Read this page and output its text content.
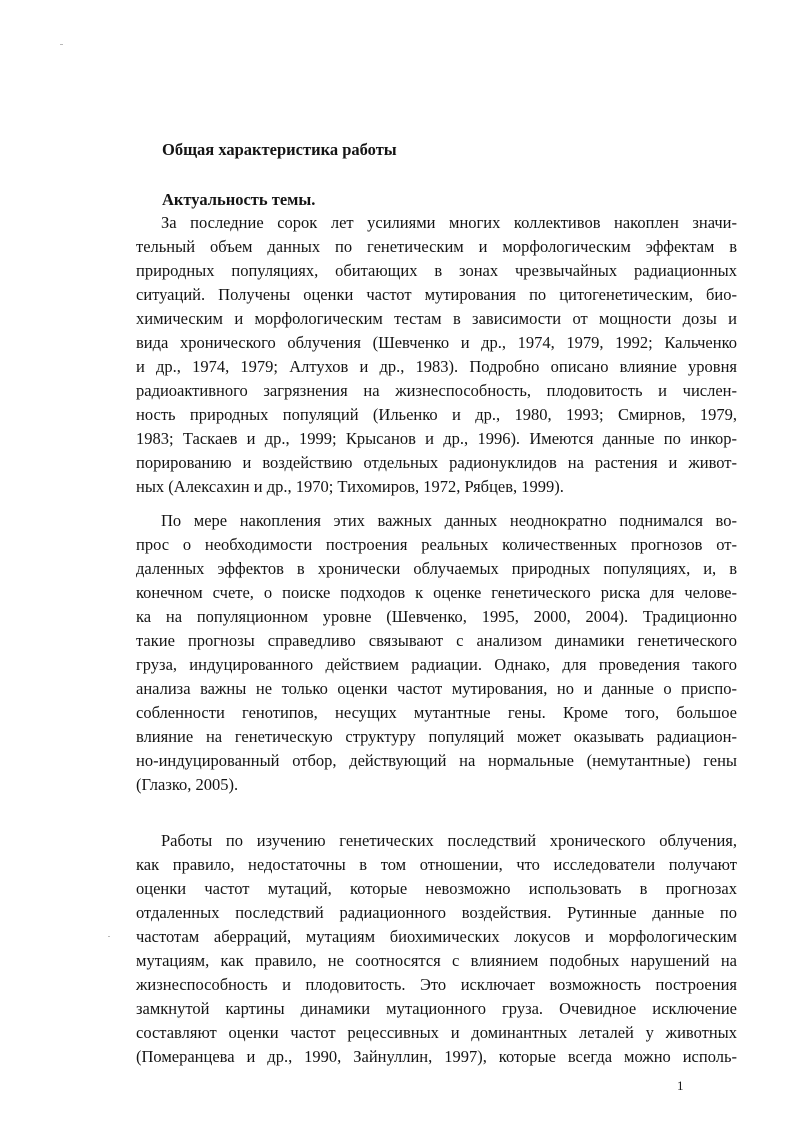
Общая характеристика работы
Актуальность темы.
За последние сорок лет усилиями многих коллективов накоплен значи-
тельный объем данных по генетическим и морфологическим эффектам в
природных популяциях, обитающих в зонах чрезвычайных радиационных
ситуаций. Получены оценки частот мутирования по цитогенетическим, био-
химическим и морфологическим тестам в зависимости от мощности дозы и
вида хронического облучения (Шевченко и др., 1974, 1979, 1992; Кальченко
и др., 1974, 1979; Алтухов и др., 1983). Подробно описано влияние уровня
радиоактивного загрязнения на жизнеспособность, плодовитость и числен-
ность природных популяций (Ильенко и др., 1980, 1993; Смирнов, 1979,
1983; Таскаев и др., 1999; Крысанов и др., 1996). Имеются данные по инкор-
порированию и воздействию отдельных радионуклидов на растения и живот-
ных (Алексахин и др., 1970; Тихомиров, 1972, Рябцев, 1999).
По мере накопления этих важных данных неоднократно поднимался во-
прос о необходимости построения реальных количественных прогнозов от-
даленных эффектов в хронически облучаемых природных популяциях, и, в
конечном счете, о поиске подходов к оценке генетического риска для челове-
ка на популяционном уровне (Шевченко, 1995, 2000, 2004). Традиционно
такие прогнозы справедливо связывают с анализом динамики генетического
груза, индуцированного действием радиации. Однако, для проведения такого
анализа важны не только оценки частот мутирования, но и данные о приспо-
собленности генотипов, несущих мутантные гены. Кроме того, большое
влияние на генетическую структуру популяций может оказывать радиацион-
но-индуцированный отбор, действующий на нормальные (немутантные) гены
(Глазко, 2005).
Работы по изучению генетических последствий хронического облучения,
как правило, недостаточны в том отношении, что исследователи получают
оценки частот мутаций, которые невозможно использовать в прогнозах
отдаленных последствий радиационного воздействия. Рутинные данные по
частотам аберраций, мутациям биохимических локусов и морфологическим
мутациям, как правило, не соотносятся с влиянием подобных нарушений на
жизнеспособность и плодовитость. Это исключает возможность построения
замкнутой картины динамики мутационного груза. Очевидное исключение
составляют оценки частот рецессивных и доминантных леталей у животных
(Померанцева и др., 1990, Зайнуллин, 1997), которые всегда можно исполь-
1
